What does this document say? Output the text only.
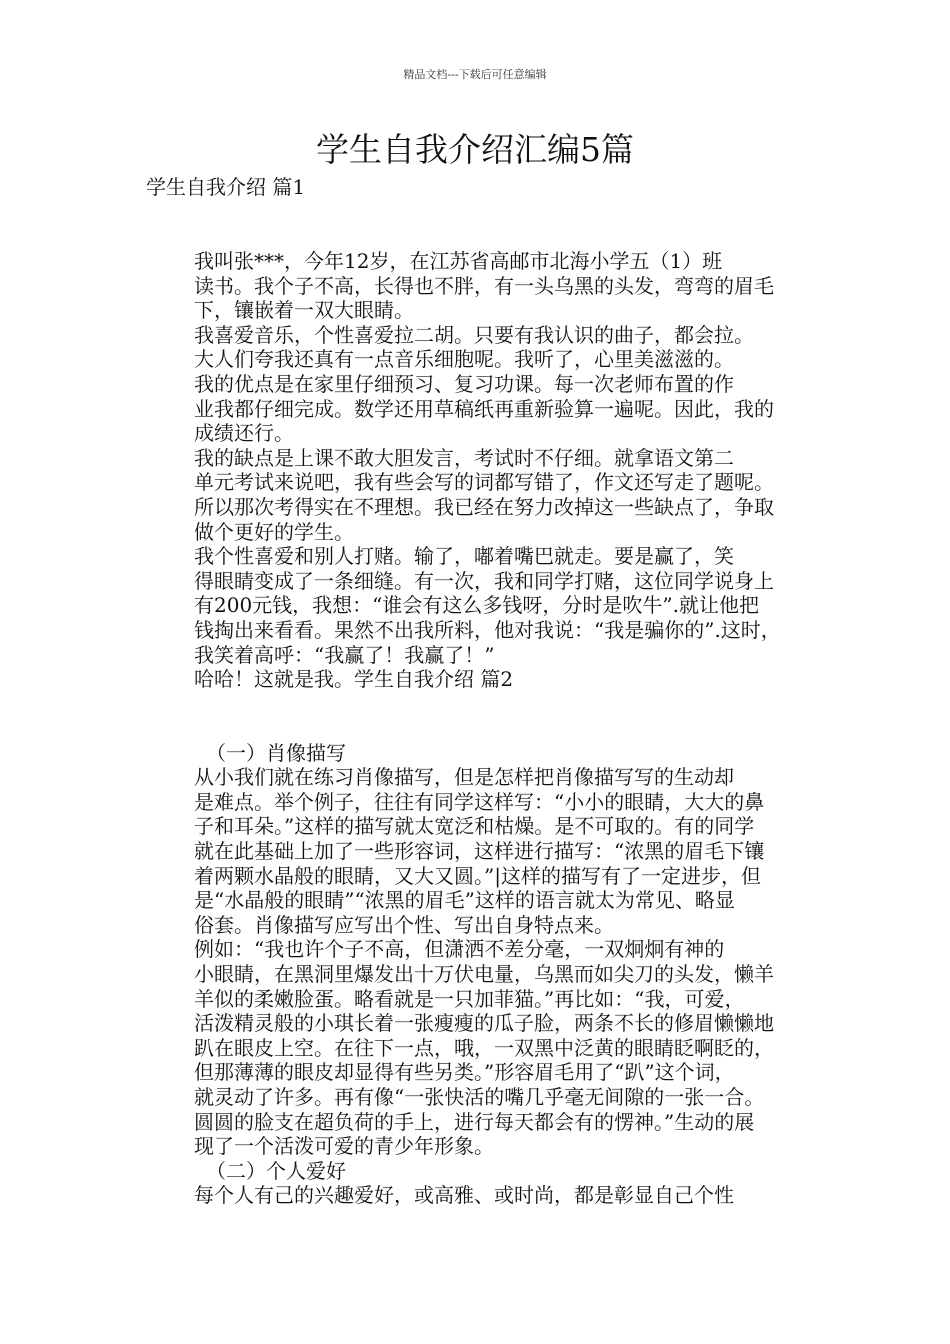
精品文档---下载后可任意编辑
学生自我介绍汇编5篇
学生自我介绍 篇1

我叫张***，今年12岁，在江苏省高邮市北海小学五（1）班
读书。我个子不高，长得也不胖，有一头乌黑的头发，弯弯的眉毛
下，镶嵌着一双大眼睛。

我喜爱音乐，个性喜爱拉二胡。只要有我认识的曲子，都会拉。
大人们夸我还真有一点音乐细胞呢。我听了，心里美滋滋的。

我的优点是在家里仔细预习、复习功课。每一次老师布置的作
业我都仔细完成。数学还用草稿纸再重新验算一遍呢。因此，我的
成绩还行。

我的缺点是上课不敢大胆发言，考试时不仔细。就拿语文第二
单元考试来说吧，我有些会写的词都写错了，作文还写走了题呢。
所以那次考得实在不理想。我已经在努力改掉这一些缺点了，争取
做个更好的学生。

我个性喜爱和别人打赌。输了，嘟着嘴巴就走。要是赢了，笑
得眼睛变成了一条细缝。有一次，我和同学打赌，这位同学说身上
有200元钱，我想：“谁会有这么多钱呀，分时是吹牛”.就让他把
钱掏出来看看。果然不出我所料，他对我说：“我是骗你的”.这时，
我笑着高呼：“我赢了！我赢了！”

哈哈！这就是我。学生自我介绍 篇2

（一）肖像描写

从小我们就在练习肖像描写，但是怎样把肖像描写写的生动却
是难点。举个例子，往往有同学这样写：“小小的眼睛，大大的鼻
子和耳朵。”这样的描写就太宽泛和枯燥。是不可取的。有的同学
就在此基础上加了一些形容词，这样进行描写：“浓黑的眉毛下镶
着两颗水晶般的眼睛，又大又圆。”|这样的描写有了一定进步，但
是“水晶般的眼睛”“浓黑的眉毛”这样的语言就太为常见、略显
俗套。肖像描写应写出个性、写出自身特点来。

例如：“我也许个子不高，但潇洒不差分毫，一双炯炯有神的
小眼睛，在黑洞里爆发出十万伏电量，乌黑而如尖刀的头发，懒羊
羊似的柔嫩脸蛋。略看就是一只加菲猫。”再比如：“我，可爱，
活泼精灵般的小琪长着一张瘦瘦的瓜子脸，两条不长的修眉懒懒地
趴在眼皮上空。在往下一点，哦，一双黑中泛黄的眼睛眨啊眨的，
但那薄薄的眼皮却显得有些另类。”形容眉毛用了“趴”这个词，
就灵动了许多。再有像“一张快活的嘴几乎毫无间隙的一张一合。
圆圆的脸支在超负荷的手上，进行每天都会有的愣神。”生动的展
现了一个活泼可爱的青少年形象。

（二）个人爱好

每个人有己的兴趣爱好，或高雅、或时尚，都是彰显自己个性
